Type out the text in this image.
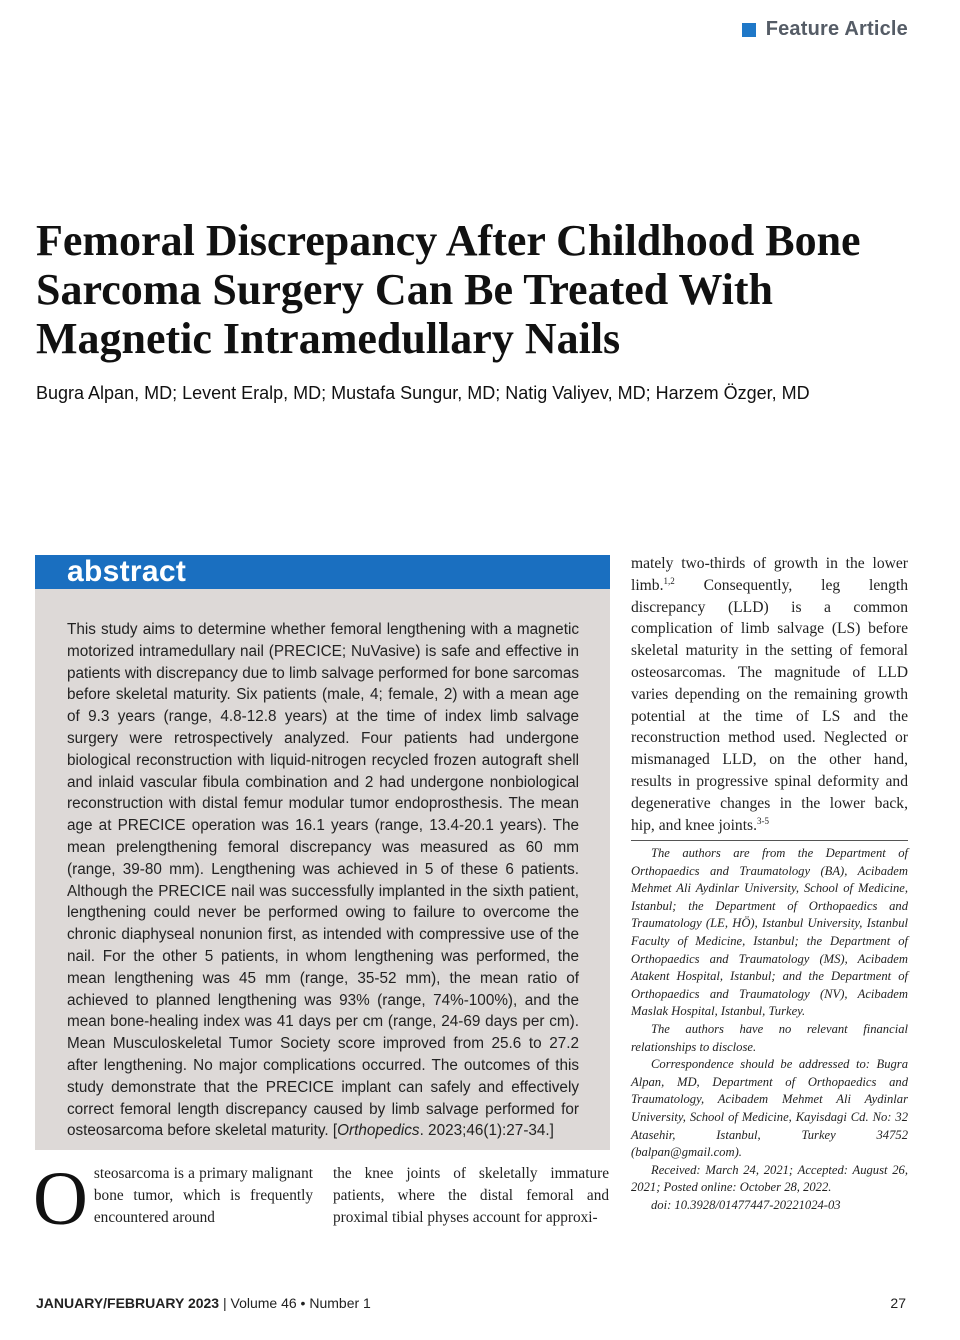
Feature Article
Femoral Discrepancy After Childhood Bone
Sarcoma Surgery Can Be Treated With
Magnetic Intramedullary Nails
Bugra Alpan, MD; Levent Eralp, MD; Mustafa Sungur, MD; Natig Valiyev, MD; Harzem Özger, MD
abstract

This study aims to determine whether femoral lengthening with a magnetic motorized intramedullary nail (PRECICE; NuVasive) is safe and effective in patients with discrepancy due to limb salvage performed for bone sarcomas before skeletal maturity. Six patients (male, 4; female, 2) with a mean age of 9.3 years (range, 4.8-12.8 years) at the time of index limb salvage surgery were retrospectively analyzed. Four patients had undergone biological reconstruction with liquid-nitrogen recycled frozen autograft shell and inlaid vascular fibula combination and 2 had undergone nonbiological reconstruction with distal femur modular tumor endoprosthesis. The mean age at PRECICE operation was 16.1 years (range, 13.4-20.1 years). The mean prelengthening femoral discrepancy was measured as 60 mm (range, 39-80 mm). Lengthening was achieved in 5 of these 6 patients. Although the PRECICE nail was successfully implanted in the sixth patient, lengthening could never be performed owing to failure to overcome the chronic diaphyseal nonunion first, as intended with compressive use of the nail. For the other 5 patients, in whom lengthening was performed, the mean lengthening was 45 mm (range, 35-52 mm), the mean ratio of achieved to planned lengthening was 93% (range, 74%-100%), and the mean bone-healing index was 41 days per cm (range, 24-69 days per cm). Mean Musculoskeletal Tumor Society score improved from 25.6 to 27.2 after lengthening. No major complications occurred. The outcomes of this study demonstrate that the PRECICE implant can safely and effectively correct femoral length discrepancy caused by limb salvage performed for osteosarcoma before skeletal maturity. [Orthopedics. 2023;46(1):27-34.]

Osteosarcoma is a primary malignant bone tumor, which is frequently encountered around

the knee joints of skeletally immature patients, where the distal femoral and proximal tibial physes account for approxi-

mately two-thirds of growth in the lower limb.$^{1,2}$ Consequently, leg length discrepancy (LLD) is a common complication of limb salvage (LS) before skeletal maturity in the setting of femoral osteosarcomas. The magnitude of LLD varies depending on the remaining growth potential at the time of LS and the reconstruction method used. Neglected or mismanaged LLD, on the other hand, results in progressive spinal deformity and degenerative changes in the lower back, hip, and knee joints.$^{3-5}$

The authors are from the Department of Orthopaedics and Traumatology (BA), Acibadem Mehmet Ali Aydinlar University, School of Medicine, Istanbul; the Department of Orthopaedics and Traumatology (LE, HÖ), Istanbul University, Istanbul Faculty of Medicine, Istanbul; the Department of Orthopaedics and Traumatology (MS), Acibadem Atakent Hospital, Istanbul; and the Department of Orthopaedics and Traumatology (NV), Acibadem Maslak Hospital, Istanbul, Turkey.

The authors have no relevant financial relationships to disclose.

Correspondence should be addressed to: Bugra Alpan, MD, Department of Orthopaedics and Traumatology, Acibadem Mehmet Ali Aydinlar University, School of Medicine, Kayisdagi Cd. No: 32 Atasehir, Istanbul, Turkey 34752 (balpan@gmail.com).

Received: March 24, 2021; Accepted: August 26, 2021; Posted online: October 28, 2022.

doi: 10.3928/01477447-20221024-03

JANUARY/FEBRUARY 2023 | Volume 46 • Number 1	27
